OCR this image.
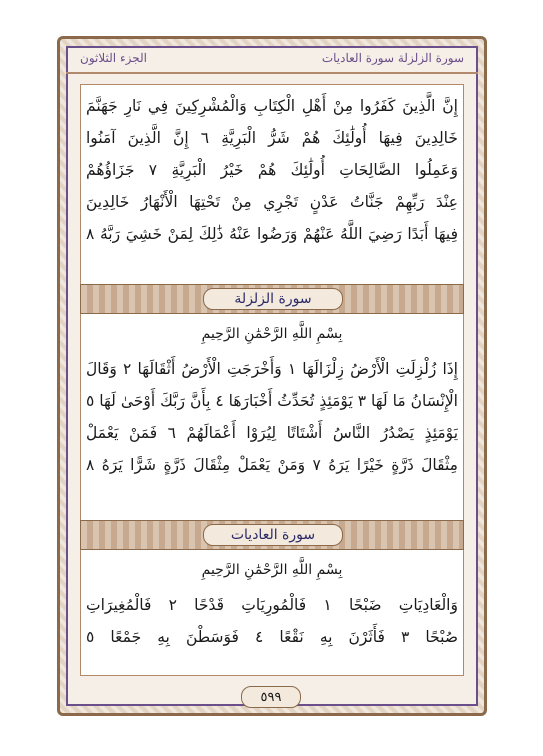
سورة الزلزلة سورة العاديات
الجزء الثلاثون
إِنَّ الَّذِينَ كَفَرُوا مِنْ أَهْلِ الْكِتَابِ وَالْمُشْرِكِينَ فِي نَارِ جَهَنَّمَ
خَالِدِينَ فِيهَا أُولَٰئِكَ هُمْ شَرُّ الْبَرِيَّةِ ٦ إِنَّ الَّذِينَ آمَنُوا
وَعَمِلُوا الصَّالِحَاتِ أُولَٰئِكَ هُمْ خَيْرُ الْبَرِيَّةِ ٧ جَزَاؤُهُمْ
عِنْدَ رَبِّهِمْ جَنَّاتُ عَدْنٍ تَجْرِي مِنْ تَحْتِهَا الْأَنْهَارُ خَالِدِينَ
فِيهَا أَبَدًا رَضِيَ اللَّهُ عَنْهُمْ وَرَضُوا عَنْهُ ذَٰلِكَ لِمَنْ خَشِيَ رَبَّهُ ٨
سورة الزلزلة
بِسْمِ اللَّهِ الرَّحْمَٰنِ الرَّحِيمِ
إِذَا زُلْزِلَتِ الْأَرْضُ زِلْزَالَهَا ١ وَأَخْرَجَتِ الْأَرْضُ أَثْقَالَهَا ٢ وَقَالَ
الْإِنْسَانُ مَا لَهَا ٣ يَوْمَئِذٍ تُحَدِّثُ أَخْبَارَهَا ٤ بِأَنَّ رَبَّكَ أَوْحَىٰ لَهَا ٥
يَوْمَئِذٍ يَصْدُرُ النَّاسُ أَشْتَاتًا لِيُرَوْا أَعْمَالَهُمْ ٦ فَمَنْ يَعْمَلْ
مِثْقَالَ ذَرَّةٍ خَيْرًا يَرَهُ ٧ وَمَنْ يَعْمَلْ مِثْقَالَ ذَرَّةٍ شَرًّا يَرَهُ ٨
سورة العاديات
بِسْمِ اللَّهِ الرَّحْمَٰنِ الرَّحِيمِ
وَالْعَادِيَاتِ ضَبْحًا ١ فَالْمُورِيَاتِ قَدْحًا ٢ فَالْمُغِيرَاتِ
صُبْحًا ٣ فَأَثَرْنَ بِهِ نَقْعًا ٤ فَوَسَطْنَ بِهِ جَمْعًا ٥
٥٩٩
